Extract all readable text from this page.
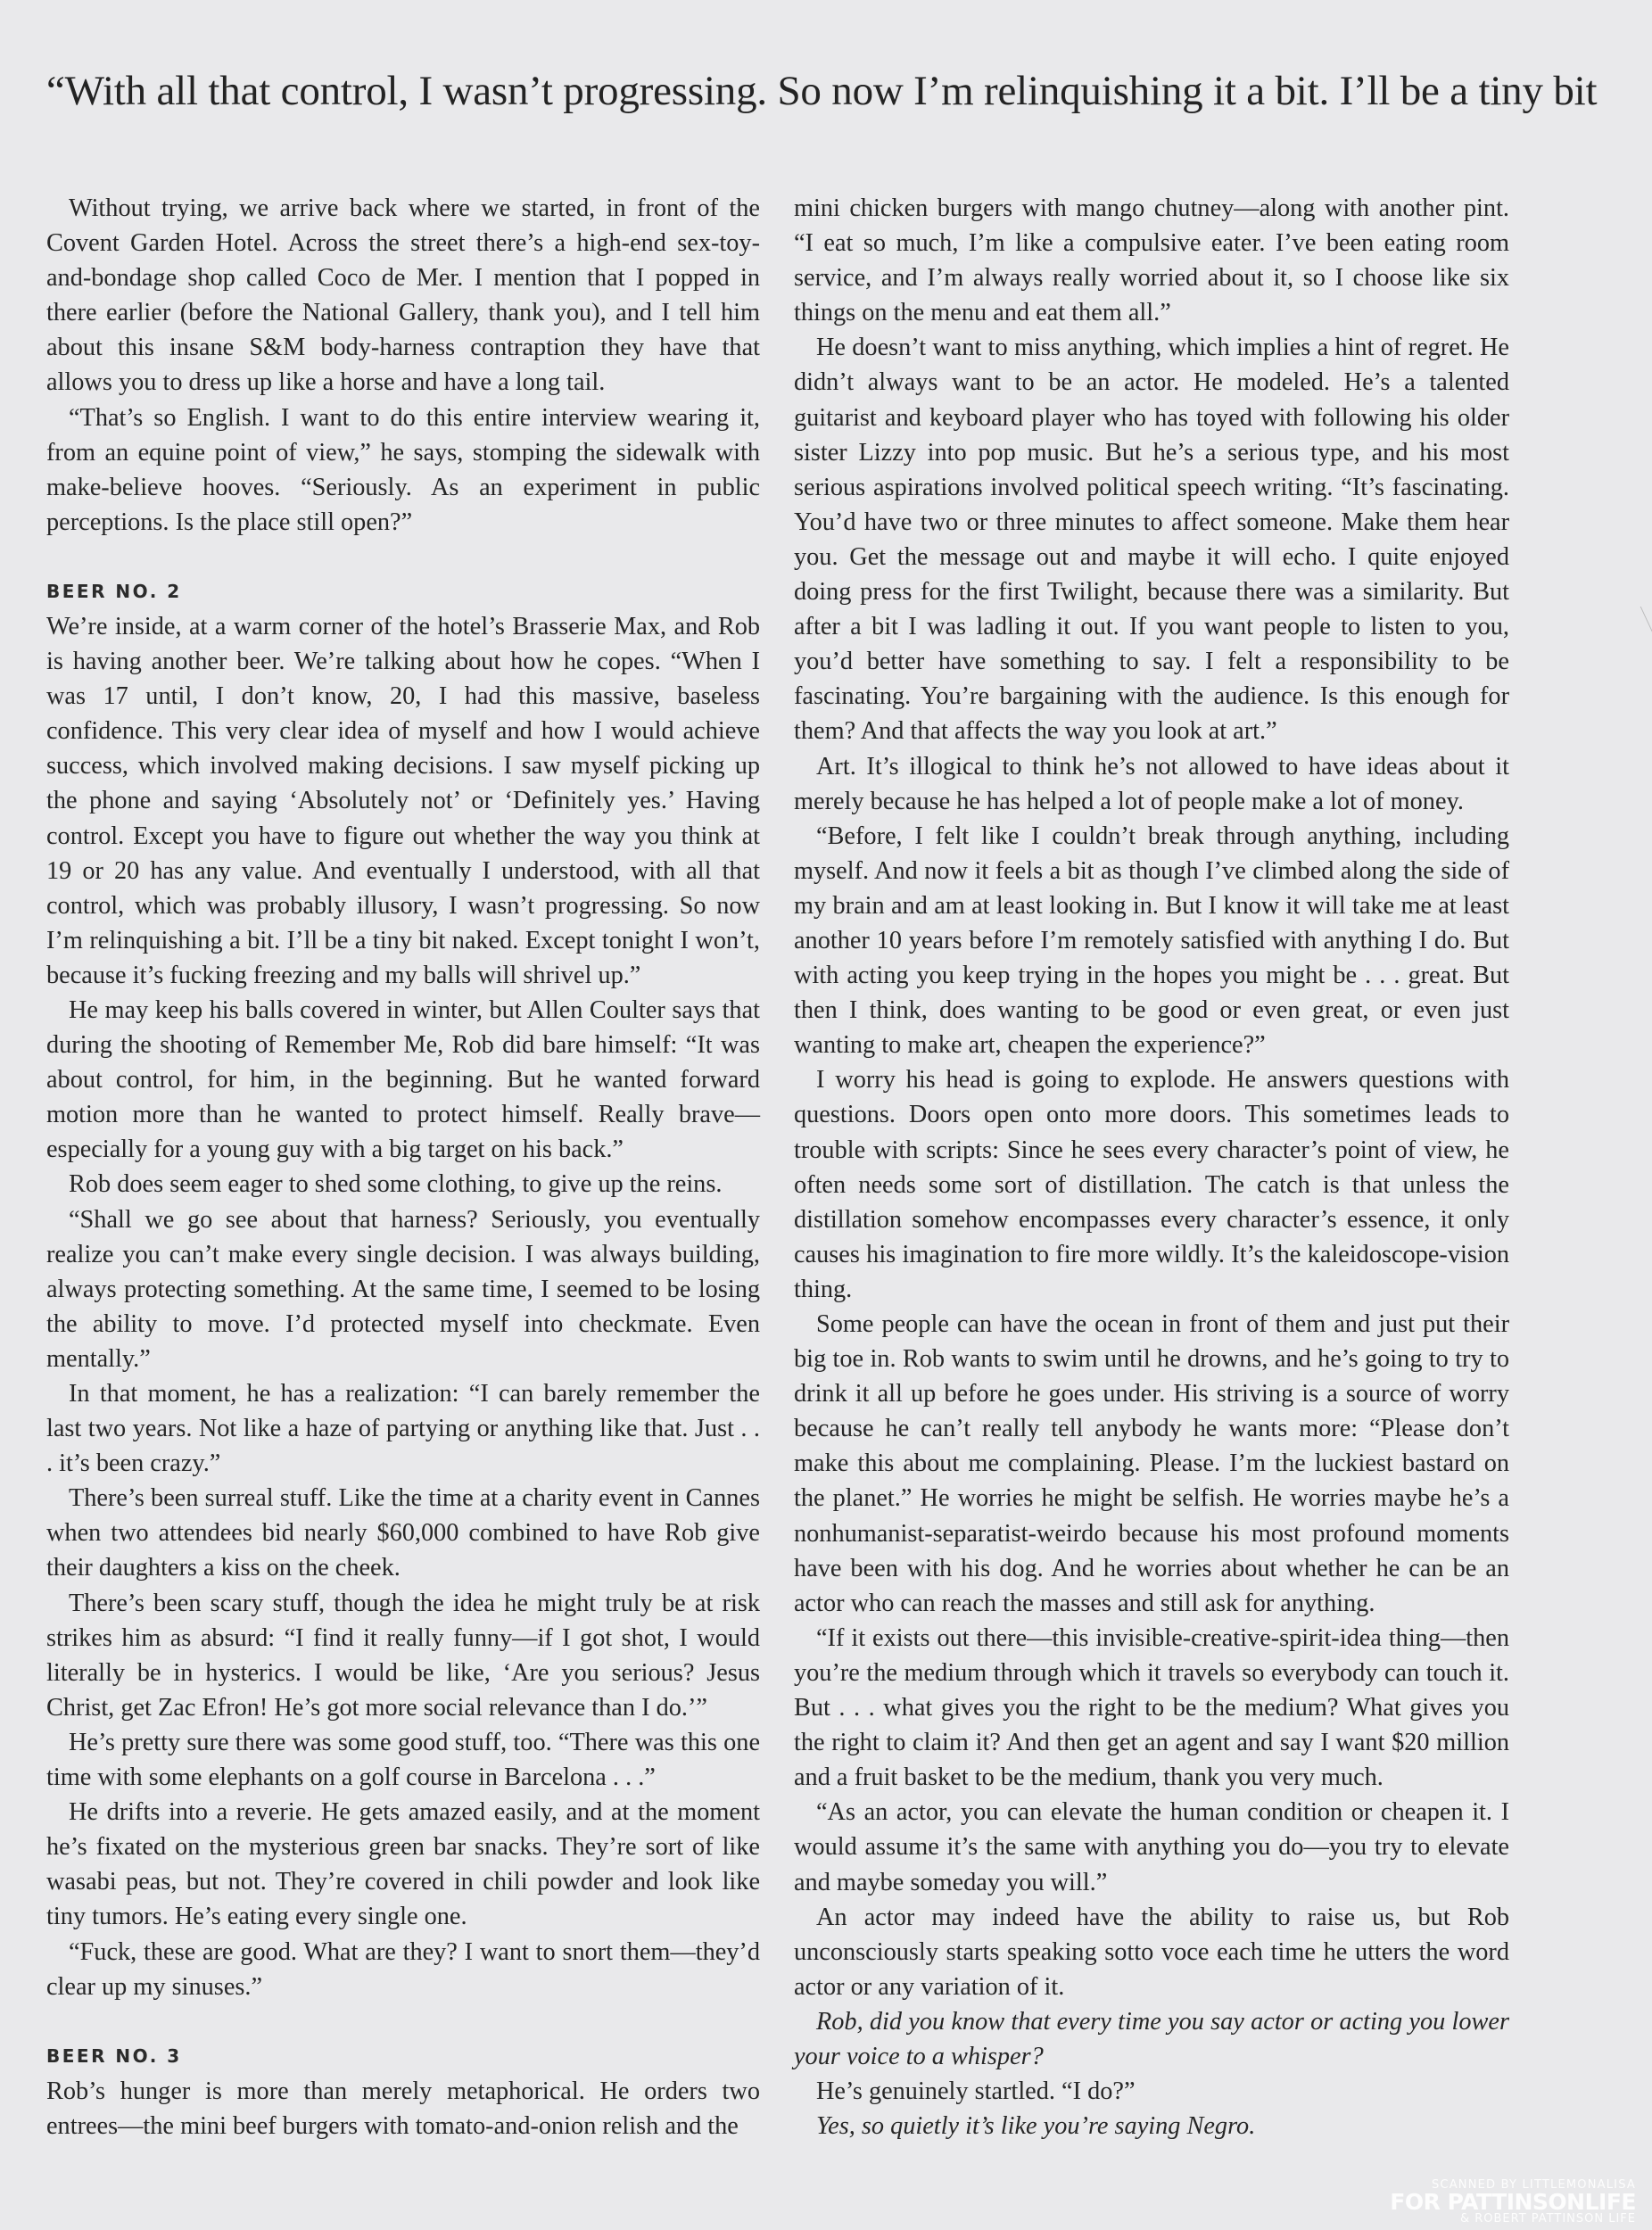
“With all that control, I wasn’t progressing. So now I’m relinquishing it a bit. I’ll be a tiny bit

Without trying, we arrive back where we started, in front of the Covent Garden Hotel. Across the street there’s a high-end sex-toy-and-bondage shop called Coco de Mer. I mention that I popped in there earlier (before the National Gallery, thank you), and I tell him about this insane S&M body-harness contraption they have that allows you to dress up like a horse and have a long tail.

“That’s so English. I want to do this entire interview wearing it, from an equine point of view,” he says, stomping the sidewalk with make-believe hooves. “Seriously. As an experiment in public perceptions. Is the place still open?”

BEER NO. 2

We’re inside, at a warm corner of the hotel’s Brasserie Max, and Rob is having another beer. We’re talking about how he copes. “When I was 17 until, I don’t know, 20, I had this massive, baseless confidence. This very clear idea of myself and how I would achieve success, which involved making decisions. I saw myself picking up the phone and saying ‘Absolutely not’ or ‘Definitely yes.’ Having control. Except you have to figure out whether the way you think at 19 or 20 has any value. And eventually I understood, with all that control, which was probably illusory, I wasn’t progressing. So now I’m relinquishing a bit. I’ll be a tiny bit naked. Except tonight I won’t, because it’s fucking freezing and my balls will shrivel up.”

He may keep his balls covered in winter, but Allen Coulter says that during the shooting of Remember Me, Rob did bare himself: “It was about control, for him, in the beginning. But he wanted forward motion more than he wanted to protect himself. Really brave—especially for a young guy with a big target on his back.”

Rob does seem eager to shed some clothing, to give up the reins.

“Shall we go see about that harness? Seriously, you eventually realize you can’t make every single decision. I was always building, always protecting something. At the same time, I seemed to be losing the ability to move. I’d protected myself into checkmate. Even mentally.”

In that moment, he has a realization: “I can barely remember the last two years. Not like a haze of partying or anything like that. Just . . . it’s been crazy.”

There’s been surreal stuff. Like the time at a charity event in Cannes when two attendees bid nearly $60,000 combined to have Rob give their daughters a kiss on the cheek.

There’s been scary stuff, though the idea he might truly be at risk strikes him as absurd: “I find it really funny—if I got shot, I would literally be in hysterics. I would be like, ‘Are you serious? Jesus Christ, get Zac Efron! He’s got more social relevance than I do.’”

He’s pretty sure there was some good stuff, too. “There was this one time with some elephants on a golf course in Barcelona . . .”

He drifts into a reverie. He gets amazed easily, and at the moment he’s fixated on the mysterious green bar snacks. They’re sort of like wasabi peas, but not. They’re covered in chili powder and look like tiny tumors. He’s eating every single one.

“Fuck, these are good. What are they? I want to snort them—they’d clear up my sinuses.”

BEER NO. 3

Rob’s hunger is more than merely metaphorical. He orders two entrees—the mini beef burgers with tomato-and-onion relish and the

mini chicken burgers with mango chutney—along with another pint. “I eat so much, I’m like a compulsive eater. I’ve been eating room service, and I’m always really worried about it, so I choose like six things on the menu and eat them all.”

He doesn’t want to miss anything, which implies a hint of regret. He didn’t always want to be an actor. He modeled. He’s a talented guitarist and keyboard player who has toyed with following his older sister Lizzy into pop music. But he’s a serious type, and his most serious aspirations involved political speech writing. “It’s fascinating. You’d have two or three minutes to affect someone. Make them hear you. Get the message out and maybe it will echo. I quite enjoyed doing press for the first Twilight, because there was a similarity. But after a bit I was ladling it out. If you want people to listen to you, you’d better have something to say. I felt a responsibility to be fascinating. You’re bargaining with the audience. Is this enough for them? And that affects the way you look at art.”

Art. It’s illogical to think he’s not allowed to have ideas about it merely because he has helped a lot of people make a lot of money.

“Before, I felt like I couldn’t break through anything, including myself. And now it feels a bit as though I’ve climbed along the side of my brain and am at least looking in. But I know it will take me at least another 10 years before I’m remotely satisfied with anything I do. But with acting you keep trying in the hopes you might be . . . great. But then I think, does wanting to be good or even great, or even just wanting to make art, cheapen the experience?”

I worry his head is going to explode. He answers questions with questions. Doors open onto more doors. This sometimes leads to trouble with scripts: Since he sees every character’s point of view, he often needs some sort of distillation. The catch is that unless the distillation somehow encompasses every character’s essence, it only causes his imagination to fire more wildly. It’s the kaleidoscope-vision thing.

Some people can have the ocean in front of them and just put their big toe in. Rob wants to swim until he drowns, and he’s going to try to drink it all up before he goes under. His striving is a source of worry because he can’t really tell anybody he wants more: “Please don’t make this about me complaining. Please. I’m the luckiest bastard on the planet.” He worries he might be selfish. He worries maybe he’s a nonhumanist-separatist-weirdo because his most profound moments have been with his dog. And he worries about whether he can be an actor who can reach the masses and still ask for anything.

“If it exists out there—this invisible-creative-spirit-idea thing—then you’re the medium through which it travels so everybody can touch it. But . . . what gives you the right to be the medium? What gives you the right to claim it? And then get an agent and say I want $20 million and a fruit basket to be the medium, thank you very much.

“As an actor, you can elevate the human condition or cheapen it. I would assume it’s the same with anything you do—you try to elevate and maybe someday you will.”

An actor may indeed have the ability to raise us, but Rob unconsciously starts speaking sotto voce each time he utters the word actor or any variation of it.

Rob, did you know that every time you say actor or acting you lower your voice to a whisper?

He’s genuinely startled. “I do?”

Yes, so quietly it’s like you’re saying Negro.

SCANNED BY LITTLEMONALISA
FOR PATTINSONLIFE
& ROBERT PATTINSON LIFE
